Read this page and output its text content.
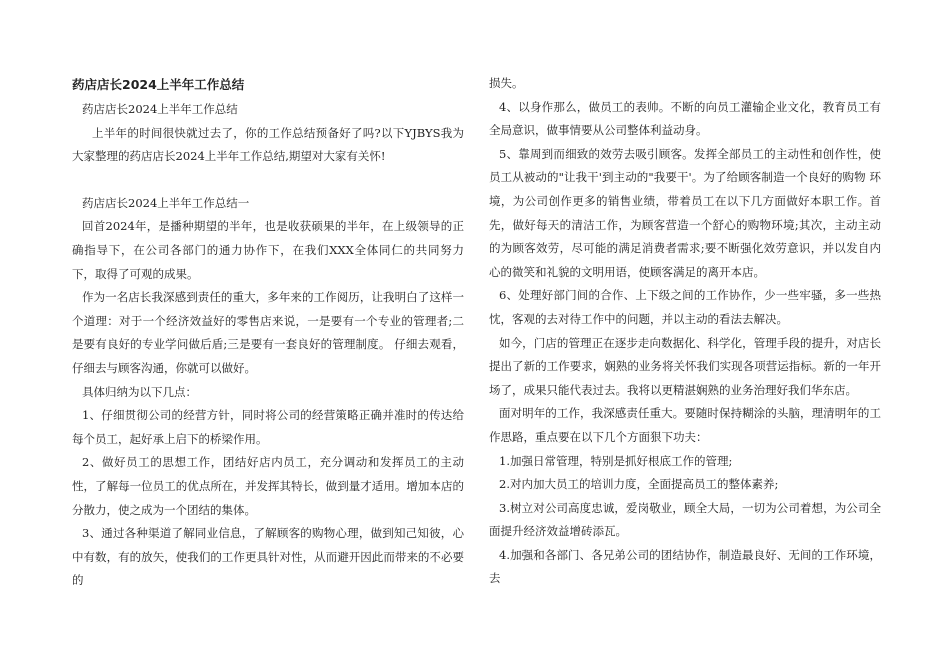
药店店长2024上半年工作总结

药店店长2024上半年工作总结

上半年的时间很快就过去了，你的工作总结预备好了吗?以下YJBYS我为大家整理的药店店长2024上半年工作总结,期望对大家有关怀!

药店店长2024上半年工作总结一

回首2024年，是播种期望的半年，也是收获硕果的半年，在上级领导的正确指导下，在公司各部门的通力协作下，在我们XXX全体同仁的共同努力下，取得了可观的成果。

作为一名店长我深感到责任的重大，多年来的工作阅历，让我明白了这样一个道理：对于一个经济效益好的零售店来说，一是要有一个专业的管理者;二是要有良好的专业学问做后盾;三是要有一套良好的管理制度。 仔细去观看，仔细去与顾客沟通，你就可以做好。

具体归纳为以下几点：

1、仔细贯彻公司的经营方针，同时将公司的经营策略正确并准时的传达给每个员工，起好承上启下的桥梁作用。

2、做好员工的思想工作，团结好店内员工，充分调动和发挥员工的主动性，了解每一位员工的优点所在，并发挥其特长，做到量才适用。增加本店的分散力，使之成为一个团结的集体。

3、通过各种渠道了解同业信息，了解顾客的购物心理，做到知己知彼，心中有数，有的放矢，使我们的工作更具针对性，从而避开因此而带来的不必要的

损失。

4、以身作那么，做员工的表帅。不断的向员工灌输企业文化，教育员工有全局意识，做事情要从公司整体利益动身。

5、靠周到而细致的效劳去吸引顾客。发挥全部员工的主动性和创作性，使员工从被动的"让我干'到主动的"我要干'。为了给顾客制造一个良好的购物 环境，为公司创作更多的销售业绩，带着员工在以下几方面做好本职工作。首先，做好每天的清洁工作，为顾客营造一个舒心的购物环境;其次，主动主动的为顾客效劳，尽可能的满足消费者需求;要不断强化效劳意识，并以发自内心的微笑和礼貌的文明用语，使顾客满足的离开本店。

6、处理好部门间的合作、上下级之间的工作协作，少一些牢骚，多一些热忱，客观的去对待工作中的问题，并以主动的看法去解决。

如今，门店的管理正在逐步走向数据化、科学化，管理手段的提升，对店长提出了新的工作要求，娴熟的业务将关怀我们实现各项营运指标。新的一年开场了，成果只能代表过去。我将以更精湛娴熟的业务治理好我们华东店。

面对明年的工作，我深感责任重大。要随时保持糊涂的头脑，理清明年的工作思路，重点要在以下几个方面狠下功夫：

1.加强日常管理，特别是抓好根底工作的管理;

2.对内加大员工的培训力度，全面提高员工的整体素养;

3.树立对公司高度忠诚，爱岗敬业，顾全大局，一切为公司着想，为公司全面提升经济效益增砖添瓦。

4.加强和各部门、各兄弟公司的团结协作，制造最良好、无间的工作环境，去
